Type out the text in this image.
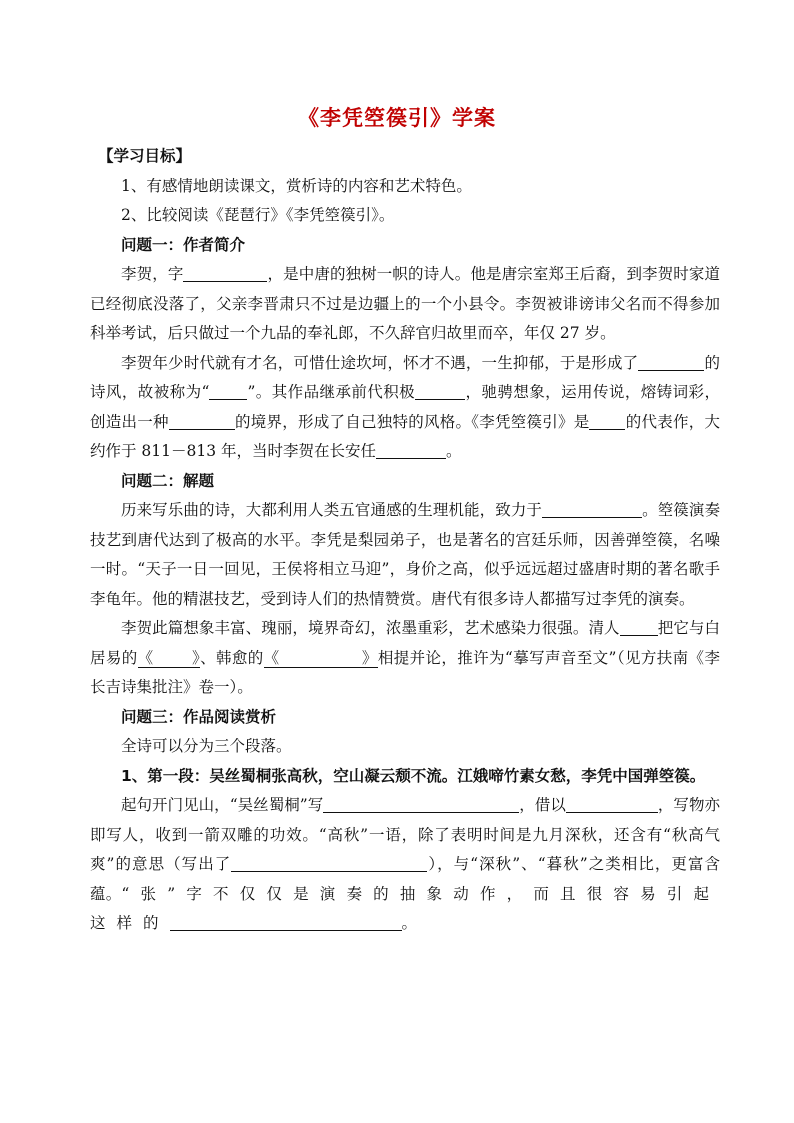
《李凭箜篌引》学案
【学习目标】
1、有感情地朗读课文，赏析诗的内容和艺术特色。
2、比较阅读《琵琶行》《李凭箜篌引》。
问题一：作者简介
李贺，字	，是中唐的独树一帜的诗人。他是唐宗室郑王后裔，到李贺时家道已经彻底没落了，父亲李晋肃只不过是边疆上的一个小县令。李贺被诽谤讳父名而不得参加科举考试，后只做过一个九品的奉礼郎，不久辞官归故里而卒，年仅 27 岁。
李贺年少时代就有才名，可惜仕途坎坷，怀才不遇，一生抑郁，于是形成了	的诗风，故被称为“ ”。其作品继承前代积极	，驰骋想象，运用传说，熔铸词彩，创造出一种	的境界，形成了自己独特的风格。《李凭箜篌引》是 的代表作，大约作于 811－813 年，当时李贺在长安任	。
问题二：解题
历来写乐曲的诗，大都利用人类五官通感的生理机能，致力于	。箜篌演奏技艺到唐代达到了极高的水平。李凭是梨园弟子，也是著名的宫廷乐师，因善弹箜篌，名噪一时。“天子一日一回见，王侯将相立马迎”，身价之高，似乎远远超过盛唐时期的著名歌手李龟年。他的精湛技艺，受到诗人们的热情赞赏。唐代有很多诗人都描写过李凭的演奏。
李贺此篇想象丰富、瑰丽，境界奇幻，浓墨重彩，艺术感染力很强。清人 把它与白居易的《 》、韩愈的《	》相提并论，推许为“摹写声音至文”（见方扶南《李长吉诗集批注》卷一）。
问题三：作品阅读赏析
全诗可以分为三个段落。
1、第一段：吴丝蜀桐张高秋，空山凝云颓不流。江娥啼竹素女愁，李凭中国弹箜篌。
起句开门见山，“吴丝蜀桐”写	，借以	，写物亦即写人，收到一箭双雕的功效。“高秋”一语，除了表明时间是九月深秋，还含有“秋高气爽”的意思（写出了	），与“深秋”、“暮秋”之类相比，更富含蕴。“张”字不仅仅是演奏的抽象动作，而且很容易引起这样的	。
